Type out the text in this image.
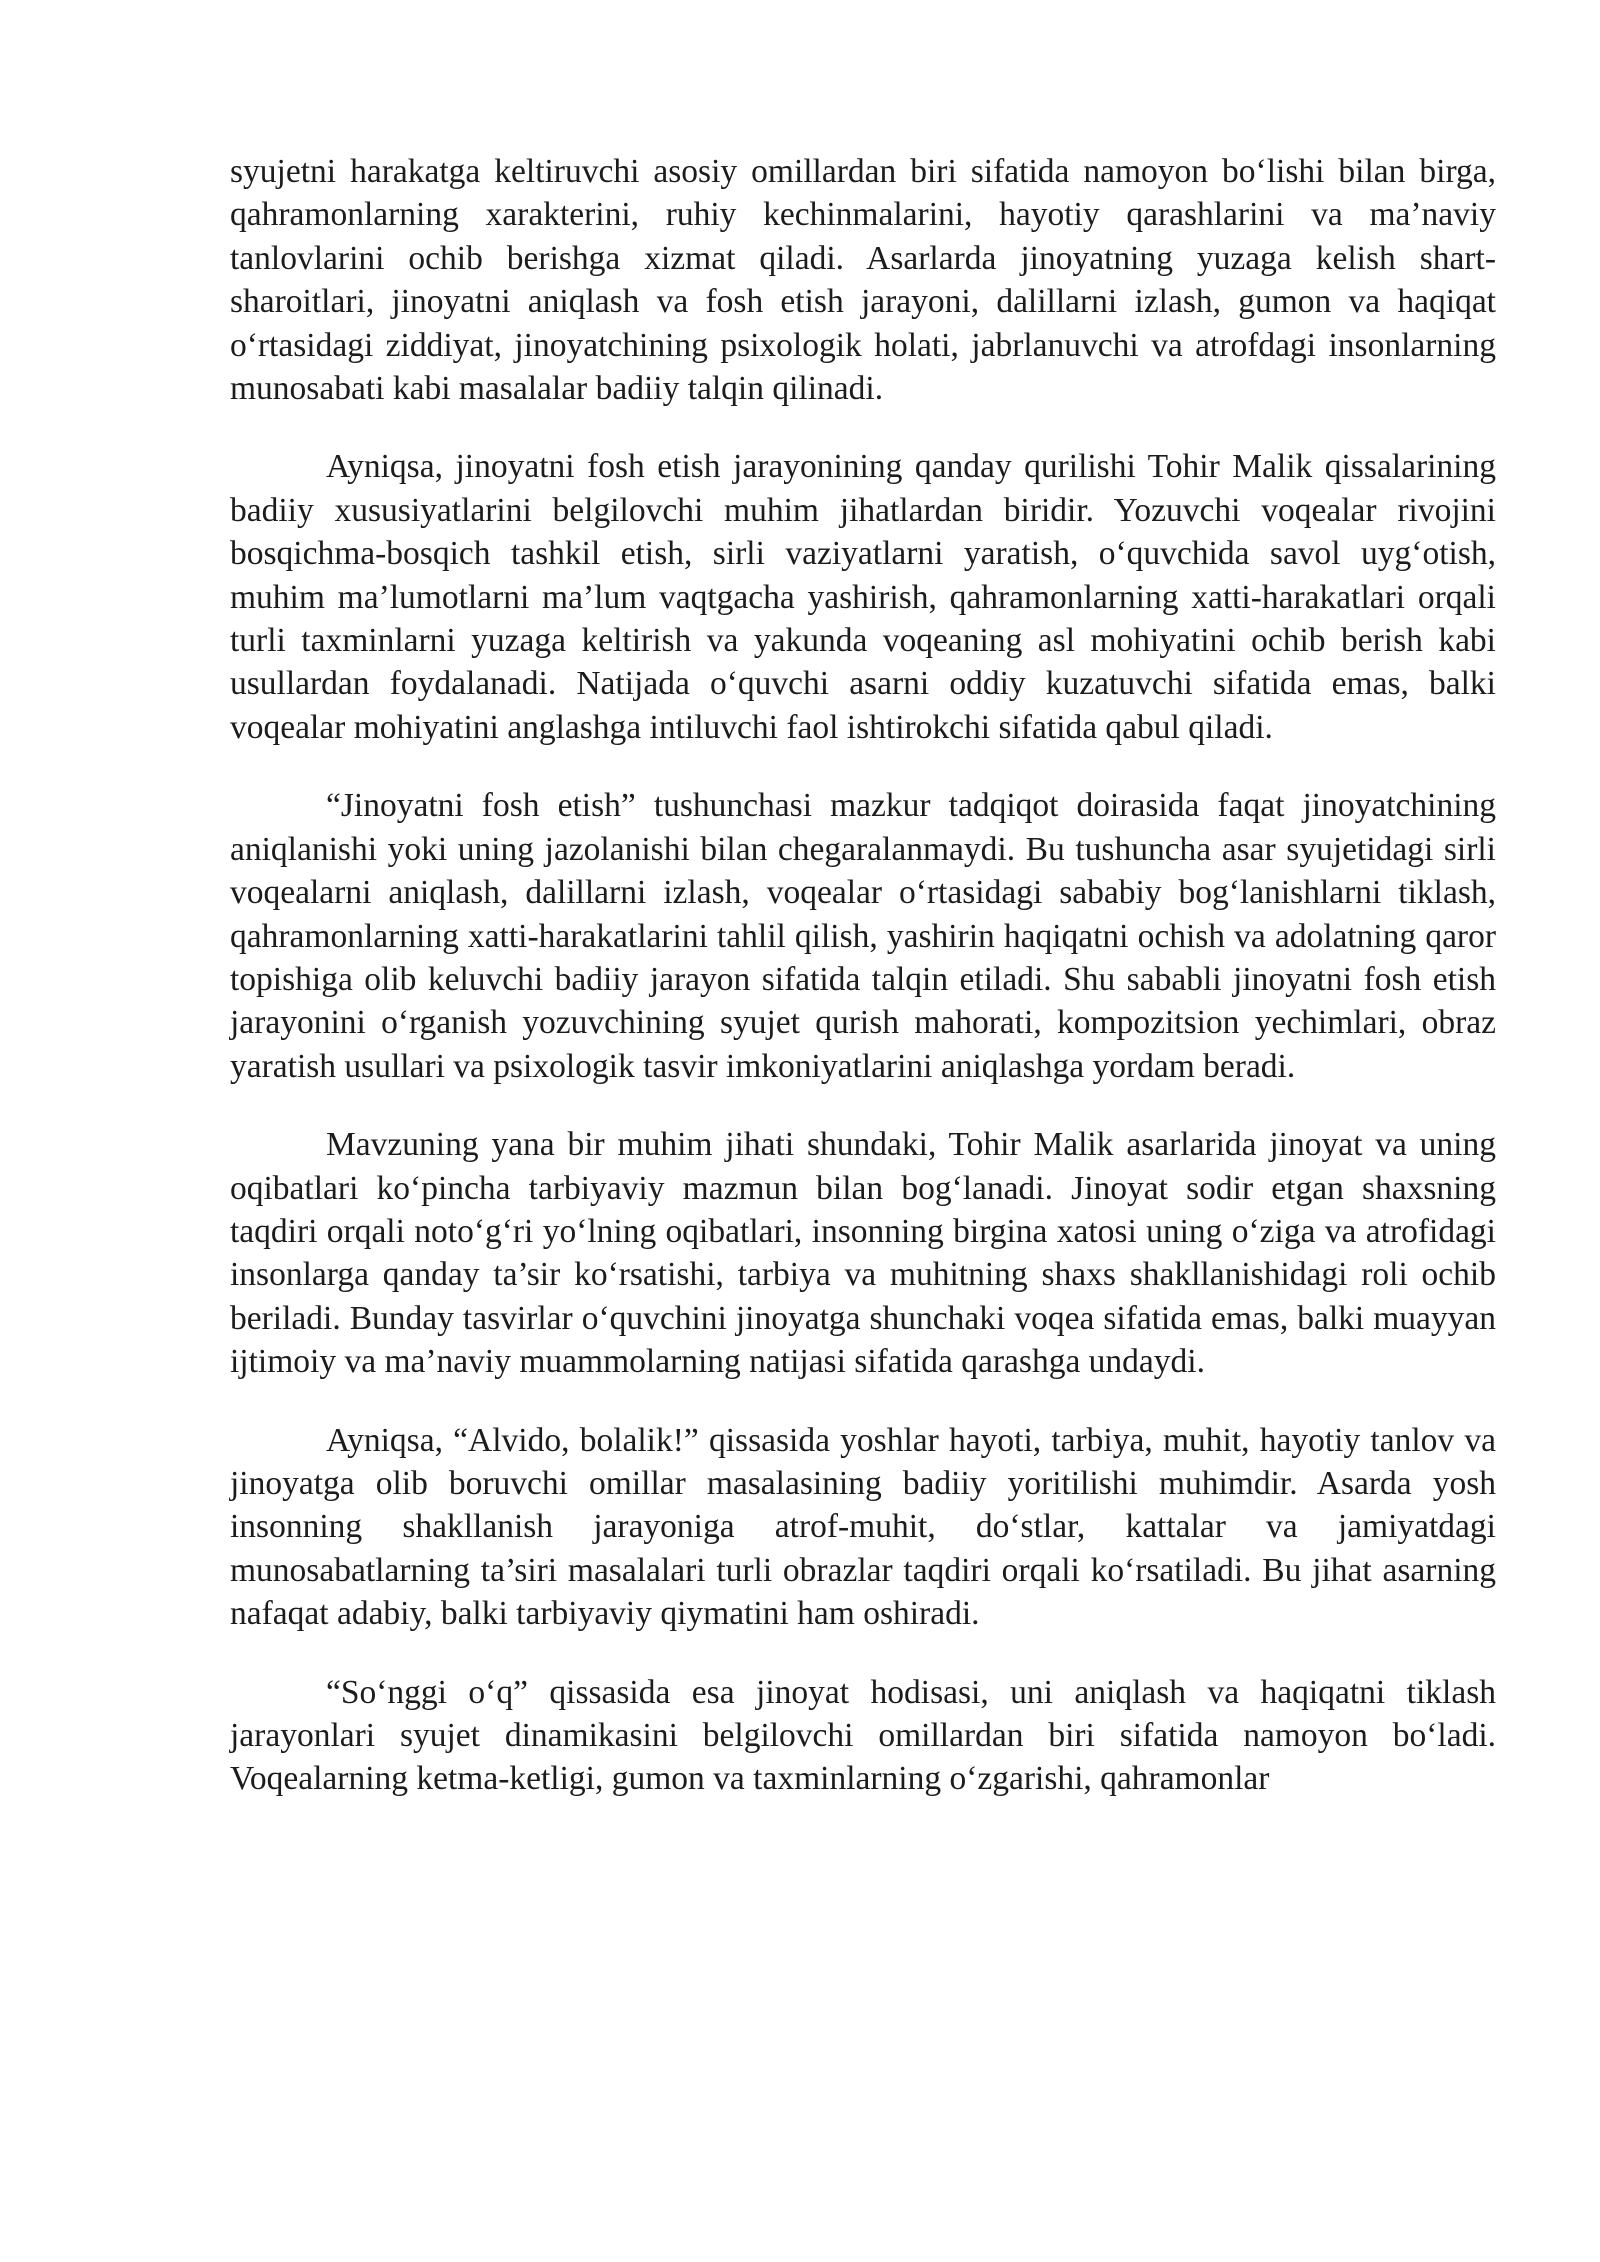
syujetni harakatga keltiruvchi asosiy omillardan biri sifatida namoyon bo‘lishi bilan birga, qahramonlarning xarakterini, ruhiy kechinmalarini, hayotiy qarashlarini va ma’naviy tanlovlarini ochib berishga xizmat qiladi. Asarlarda jinoyatning yuzaga kelish shart-sharoitlari, jinoyatni aniqlash va fosh etish jarayoni, dalillarni izlash, gumon va haqiqat o‘rtasidagi ziddiyat, jinoyatchining psixologik holati, jabrlanuvchi va atrofdagi insonlarning munosabati kabi masalalar badiiy talqin qilinadi.

Ayniqsa, jinoyatni fosh etish jarayonining qanday qurilishi Tohir Malik qissalarining badiiy xususiyatlarini belgilovchi muhim jihatlardan biridir. Yozuvchi voqealar rivojini bosqichma-bosqich tashkil etish, sirli vaziyatlarni yaratish, o‘quvchida savol uyg‘otish, muhim ma’lumotlarni ma’lum vaqtgacha yashirish, qahramonlarning xatti-harakatlari orqali turli taxminlarni yuzaga keltirish va yakunda voqeaning asl mohiyatini ochib berish kabi usullardan foydalanadi. Natijada o‘quvchi asarni oddiy kuzatuvchi sifatida emas, balki voqealar mohiyatini anglashga intiluvchi faol ishtirokchi sifatida qabul qiladi.

“Jinoyatni fosh etish” tushunchasi mazkur tadqiqot doirasida faqat jinoyatchining aniqlanishi yoki uning jazolanishi bilan chegaralanmaydi. Bu tushuncha asar syujetidagi sirli voqealarni aniqlash, dalillarni izlash, voqealar o‘rtasidagi sababiy bog‘lanishlarni tiklash, qahramonlarning xatti-harakatlarini tahlil qilish, yashirin haqiqatni ochish va adolatning qaror topishiga olib keluvchi badiiy jarayon sifatida talqin etiladi. Shu sababli jinoyatni fosh etish jarayonini o‘rganish yozuvchining syujet qurish mahorati, kompozitsion yechimlari, obraz yaratish usullari va psixologik tasvir imkoniyatlarini aniqlashga yordam beradi.

Mavzuning yana bir muhim jihati shundaki, Tohir Malik asarlarida jinoyat va uning oqibatlari ko‘pincha tarbiyaviy mazmun bilan bog‘lanadi. Jinoyat sodir etgan shaxsning taqdiri orqali noto‘g‘ri yo‘lning oqibatlari, insonning birgina xatosi uning o‘ziga va atrofidagi insonlarga qanday ta’sir ko‘rsatishi, tarbiya va muhitning shaxs shakllanishidagi roli ochib beriladi. Bunday tasvirlar o‘quvchini jinoyatga shunchaki voqea sifatida emas, balki muayyan ijtimoiy va ma’naviy muammolarning natijasi sifatida qarashga undaydi.

Ayniqsa, “Alvido, bolalik!” qissasida yoshlar hayoti, tarbiya, muhit, hayotiy tanlov va jinoyatga olib boruvchi omillar masalasining badiiy yoritilishi muhimdir. Asarda yosh insonning shakllanish jarayoniga atrof-muhit, do‘stlar, kattalar va jamiyatdagi munosabatlarning ta’siri masalalari turli obrazlar taqdiri orqali ko‘rsatiladi. Bu jihat asarning nafaqat adabiy, balki tarbiyaviy qiymatini ham oshiradi.

“So‘nggi o‘q” qissasida esa jinoyat hodisasi, uni aniqlash va haqiqatni tiklash jarayonlari syujet dinamikasini belgilovchi omillardan biri sifatida namoyon bo‘ladi. Voqealarning ketma-ketligi, gumon va taxminlarning o‘zgarishi, qahramonlar
